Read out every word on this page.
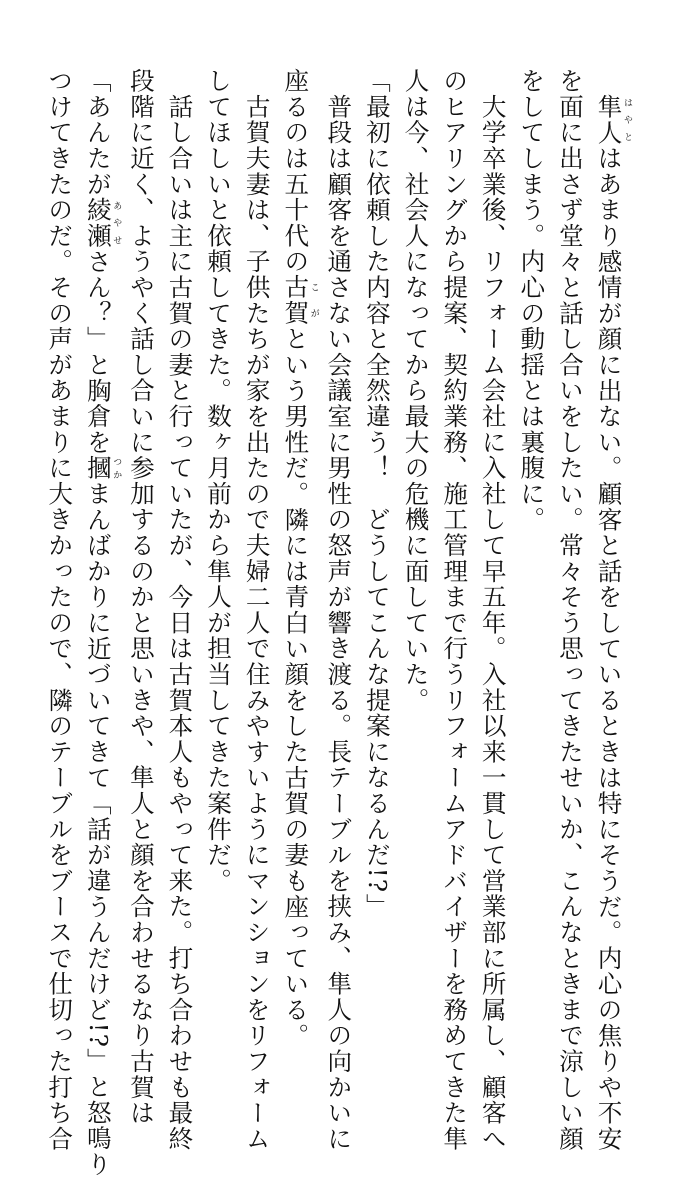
　隼人はやとはあまり感情が顔に出ない。顧客と話をしているときは特にそうだ。内心の焦りや不安
を面に出さず堂々と話し合いをしたい。常々そう思ってきたせいか、こんなときまで涼しい顔
をしてしまう。内心の動揺とは裏腹に。
　大学卒業後、リフォーム会社に入社して早五年。入社以来一貫して営業部に所属し、顧客へ
のヒアリングから提案、契約業務、施工管理まで行うリフォームアドバイザーを務めてきた隼
人は今、社会人になってから最大の危機に面していた。
「最初に依頼した内容と全然違う！　どうしてこんな提案になるんだ!?」
　普段は顧客を通さない会議室に男性の怒声が響き渡る。長テーブルを挟み、隼人の向かいに
座るのは五十代の古賀こがという男性だ。隣には青白い顔をした古賀の妻も座っている。
　古賀夫妻は、子供たちが家を出たので夫婦二人で住みやすいようにマンションをリフォーム
してほしいと依頼してきた。数ヶ月前から隼人が担当してきた案件だ。
　話し合いは主に古賀の妻と行っていたが、今日は古賀本人もやって来た。打ち合わせも最終
段階に近く、ようやく話し合いに参加するのかと思いきや、隼人と顔を合わせるなり古賀は
「あんたが綾瀬あやせさん？」と胸倉を摑つかまんばかりに近づいてきて「話が違うんだけど!?」と怒鳴り
つけてきたのだ。その声があまりに大きかったので、隣のテーブルをブースで仕切った打ち合
